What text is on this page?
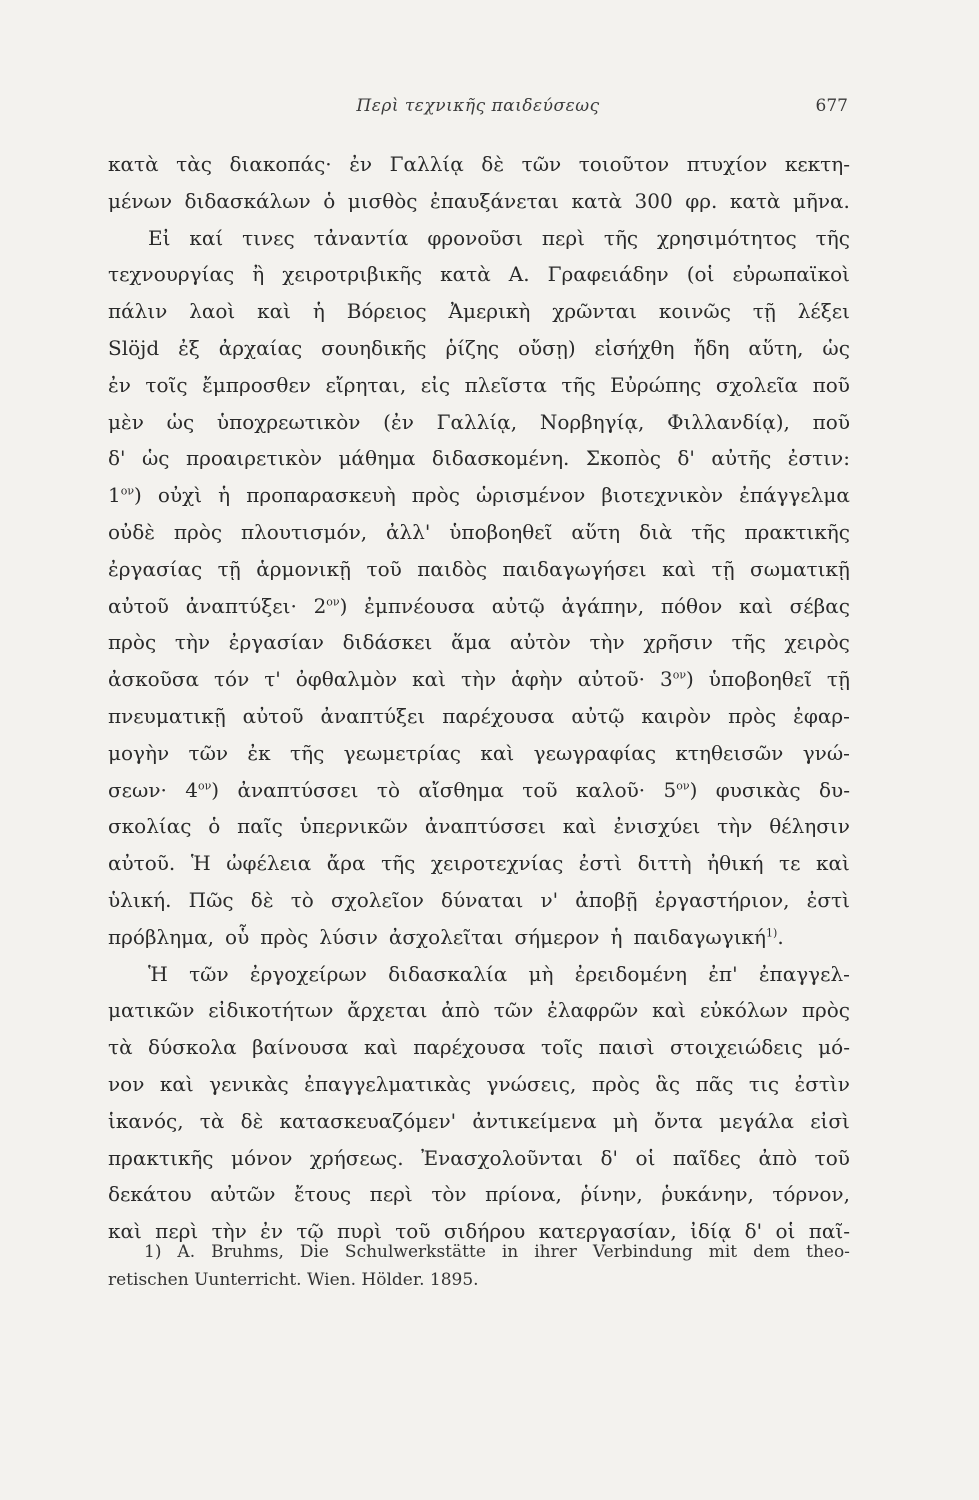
Περὶ τεχνικῆς παιδεύσεως	677
κατὰ τὰς διακοπάς· ἐν Γαλλίᾳ δὲ τῶν τοιοῦτον πτυχίον κεκτη-
μένων διδασκάλων ὁ μισθὸς ἐπαυξάνεται κατὰ 300 φρ. κατὰ μῆνα.
Εἰ καί τινες τἀναντία φρονοῦσι περὶ τῆς χρησιμότητος τῆς
τεχνουργίας ἢ χειροτριβικῆς κατὰ Α. Γραφειάδην (οἱ εὐρωπαϊκοὶ
πάλιν λαοὶ καὶ ἡ Βόρειος Ἀμερικὴ χρῶνται κοινῶς τῇ λέξει
Slöjd ἐξ ἀρχαίας σουηδικῆς ῥίζης οὔσῃ) εἰσήχθη ἤδη αὕτη, ὡς
ἐν τοῖς ἔμπροσθεν εἴρηται, εἰς πλεῖστα τῆς Εὐρώπης σχολεῖα ποῦ
μὲν ὡς ὑποχρεωτικὸν (ἐν Γαλλίᾳ, Νορβηγίᾳ, Φιλλανδίᾳ), ποῦ
δ' ὡς προαιρετικὸν μάθημα διδασκομένη. Σκοπὸς δ' αὐτῆς ἐστιν:
$1^{o\nu}$) οὐχὶ ἡ προπαρασκευὴ πρὸς ὡρισμένον βιοτεχνικὸν ἐπάγγελμα
οὐδὲ πρὸς πλουτισμόν, ἀλλ' ὑποβοηθεῖ αὕτη διὰ τῆς πρακτικῆς
ἐργασίας τῇ ἁρμονικῇ τοῦ παιδὸς παιδαγωγήσει καὶ τῇ σωματικῇ
αὐτοῦ ἀναπτύξει· $2^{o\nu}$) ἐμπνέουσα αὐτῷ ἀγάπην, πόθον καὶ σέβας
πρὸς τὴν ἐργασίαν διδάσκει ἅμα αὐτὸν τὴν χρῆσιν τῆς χειρὸς
ἀσκοῦσα τόν τ' ὀφθαλμὸν καὶ τὴν ἁφὴν αὐτοῦ· $3^{o\nu}$) ὑποβοηθεῖ τῇ
πνευματικῇ αὐτοῦ ἀναπτύξει παρέχουσα αὐτῷ καιρὸν πρὸς ἐφαρ-
μογὴν τῶν ἐκ τῆς γεωμετρίας καὶ γεωγραφίας κτηθεισῶν γνώ-
$\sigma\varepsilon\omega\nu\cdot 4^{o\nu}$) ἀναπτύσσει τὸ αἴσθημα τοῦ καλοῦ· $5^{o\nu}$) φυσικὰς δυ-
σκολίας ὁ παῖς ὑπερνικῶν ἀναπτύσσει καὶ ἐνισχύει τὴν θέλησιν
αὐτοῦ. Ἡ ὠφέλεια ἄρα τῆς χειροτεχνίας ἐστὶ διττὴ ἠθική τε καὶ
ὑλική. Πῶς δὲ τὸ σχολεῖον δύναται ν' ἀποβῇ ἐργαστήριον, ἐστὶ
πρόβλημα, οὗ πρὸς λύσιν ἀσχολεῖται σήμερον ἡ παιδαγωγική$^{1)}$.
Ἡ τῶν ἐργοχείρων διδασκαλία μὴ ἐρειδομένη ἐπ' ἐπαγγελ-
ματικῶν εἰδικοτήτων ἄρχεται ἀπὸ τῶν ἐλαφρῶν καὶ εὐκόλων πρὸς
τὰ δύσκολα βαίνουσα καὶ παρέχουσα τοῖς παισὶ στοιχειώδεις μό-
νον καὶ γενικὰς ἐπαγγελματικὰς γνώσεις, πρὸς ἃς πᾶς τις ἐστὶν
ἱκανός, τὰ δὲ κατασκευαζόμεν' ἀντικείμενα μὴ ὄντα μεγάλα εἰσὶ
πρακτικῆς μόνον χρήσεως. Ἐνασχολοῦνται δ' οἱ παῖδες ἀπὸ τοῦ
δεκάτου αὐτῶν ἔτους περὶ τὸν πρίονα, ῥίνην, ῥυκάνην, τόρνον,
καὶ περὶ τὴν ἐν τῷ πυρὶ τοῦ σιδήρου κατεργασίαν, ἰδίᾳ δ' οἱ παῖ-
1) A. Bruhms, Die Schulwerkstätte in ihrer Verbindung mit dem theo-
retischen Uunterricht. Wien. Hölder. 1895.
